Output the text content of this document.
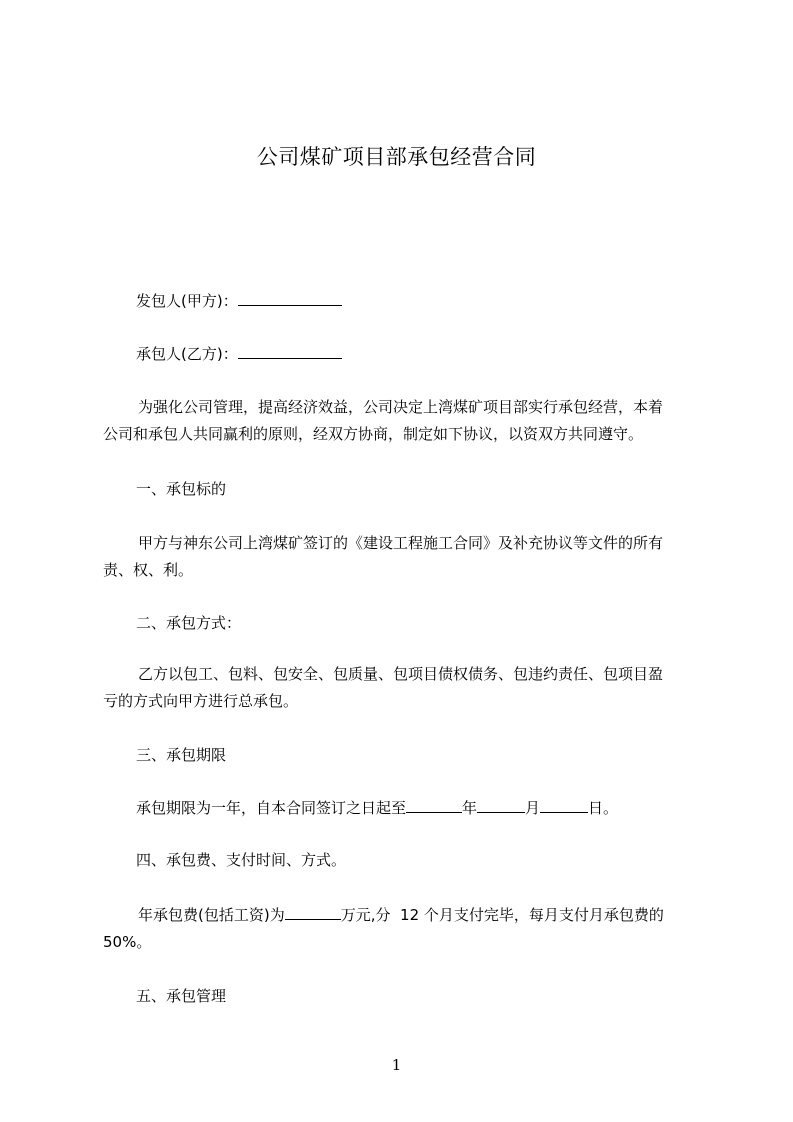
公司煤矿项目部承包经营合同
发包人(甲方)：
承包人(乙方)：
为强化公司管理，提高经济效益，公司决定上湾煤矿项目部实行承包经营，本着
公司和承包人共同赢利的原则，经双方协商，制定如下协议，以资双方共同遵守。
一、承包标的
甲方与神东公司上湾煤矿签订的《建设工程施工合同》及补充协议等文件的所有
责、权、利。
二、承包方式：
乙方以包工、包料、包安全、包质量、包项目债权债务、包违约责任、包项目盈
亏的方式向甲方进行总承包。
三、承包期限
承包期限为一年，自本合同签订之日起至	年	月	日。
四、承包费、支付时间、方式。
年承包费(包括工资)为	万元,分  12 个月支付完毕，每月支付月承包费的
50%。
五、承包管理
1
